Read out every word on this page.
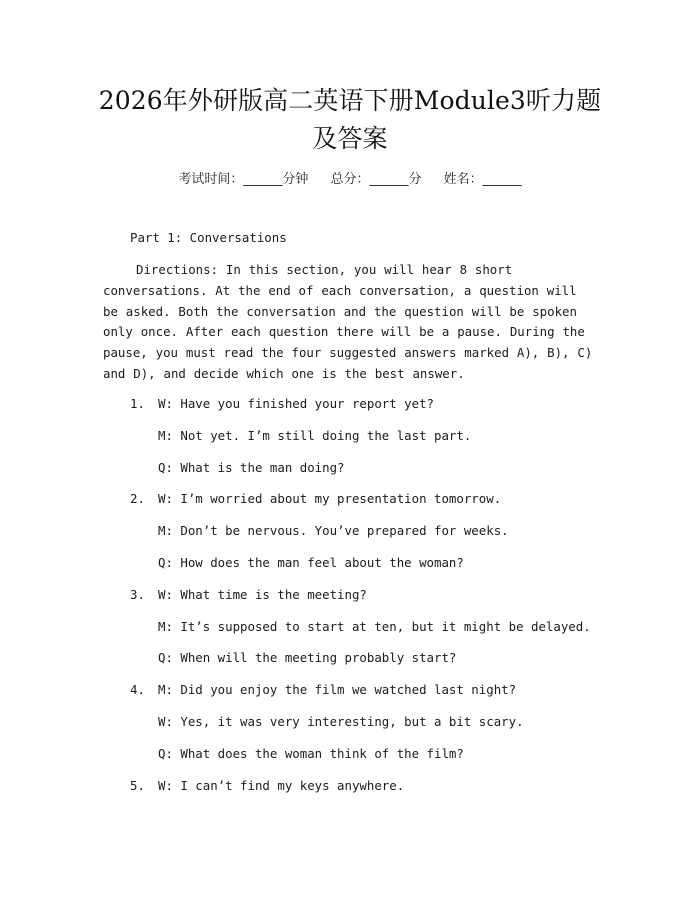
2026年外研版高二英语下册Module3听力题及答案
考试时间：______分钟 总分：______分 姓名：______
Part 1: Conversations
Directions: In this section, you will hear 8 short conversations. At the end of each conversation, a question will be asked. Both the conversation and the question will be spoken only once. After each question there will be a pause. During the pause, you must read the four suggested answers marked A), B), C) and D), and decide which one is the best answer.
1. W: Have you finished your report yet?
M: Not yet. I’m still doing the last part.
Q: What is the man doing?
2. W: I’m worried about my presentation tomorrow.
M: Don’t be nervous. You’ve prepared for weeks.
Q: How does the man feel about the woman?
3. W: What time is the meeting?
M: It’s supposed to start at ten, but it might be delayed.
Q: When will the meeting probably start?
4. M: Did you enjoy the film we watched last night?
W: Yes, it was very interesting, but a bit scary.
Q: What does the woman think of the film?
5. W: I can’t find my keys anywhere.
